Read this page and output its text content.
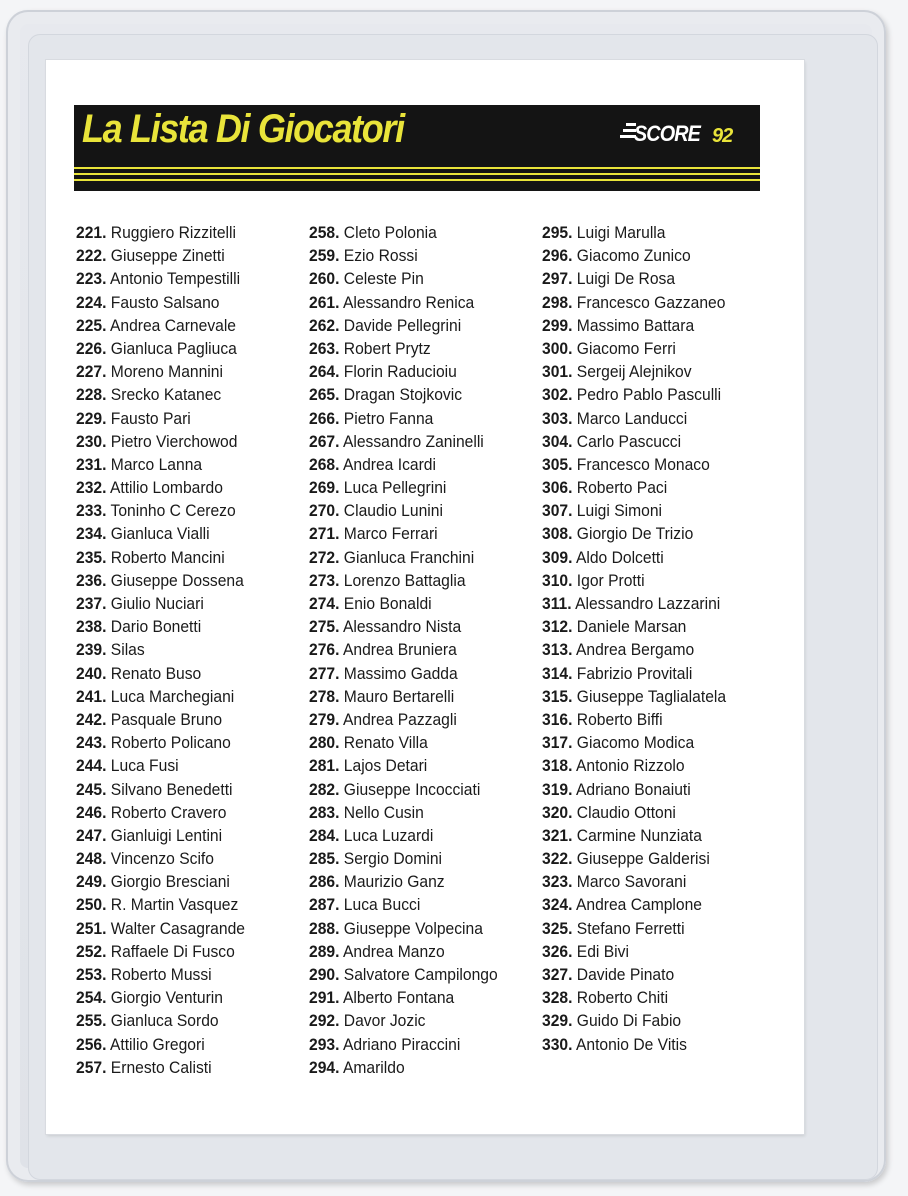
La Lista Di Giocatori	SCORE 92
221. Ruggiero Rizzitelli
222. Giuseppe Zinetti
223. Antonio Tempestilli
224. Fausto Salsano
225. Andrea Carnevale
226. Gianluca Pagliuca
227. Moreno Mannini
228. Srecko Katanec
229. Fausto Pari
230. Pietro Vierchowod
231. Marco Lanna
232. Attilio Lombardo
233. Toninho C Cerezo
234. Gianluca Vialli
235. Roberto Mancini
236. Giuseppe Dossena
237. Giulio Nuciari
238. Dario Bonetti
239. Silas
240. Renato Buso
241. Luca Marchegiani
242. Pasquale Bruno
243. Roberto Policano
244. Luca Fusi
245. Silvano Benedetti
246. Roberto Cravero
247. Gianluigi Lentini
248. Vincenzo Scifo
249. Giorgio Bresciani
250. R. Martin Vasquez
251. Walter Casagrande
252. Raffaele Di Fusco
253. Roberto Mussi
254. Giorgio Venturin
255. Gianluca Sordo
256. Attilio Gregori
257. Ernesto Calisti
258. Cleto Polonia
259. Ezio Rossi
260. Celeste Pin
261. Alessandro Renica
262. Davide Pellegrini
263. Robert Prytz
264. Florin Raducioiu
265. Dragan Stojkovic
266. Pietro Fanna
267. Alessandro Zaninelli
268. Andrea Icardi
269. Luca Pellegrini
270. Claudio Lunini
271. Marco Ferrari
272. Gianluca Franchini
273. Lorenzo Battaglia
274. Enio Bonaldi
275. Alessandro Nista
276. Andrea Bruniera
277. Massimo Gadda
278. Mauro Bertarelli
279. Andrea Pazzagli
280. Renato Villa
281. Lajos Detari
282. Giuseppe Incocciati
283. Nello Cusin
284. Luca Luzardi
285. Sergio Domini
286. Maurizio Ganz
287. Luca Bucci
288. Giuseppe Volpecina
289. Andrea Manzo
290. Salvatore Campilongo
291. Alberto Fontana
292. Davor Jozic
293. Adriano Piraccini
294. Amarildo
295. Luigi Marulla
296. Giacomo Zunico
297. Luigi De Rosa
298. Francesco Gazzaneo
299. Massimo Battara
300. Giacomo Ferri
301. Sergeij Alejnikov
302. Pedro Pablo Pasculli
303. Marco Landucci
304. Carlo Pascucci
305. Francesco Monaco
306. Roberto Paci
307. Luigi Simoni
308. Giorgio De Trizio
309. Aldo Dolcetti
310. Igor Protti
311. Alessandro Lazzarini
312. Daniele Marsan
313. Andrea Bergamo
314. Fabrizio Provitali
315. Giuseppe Taglialatela
316. Roberto Biffi
317. Giacomo Modica
318. Antonio Rizzolo
319. Adriano Bonaiuti
320. Claudio Ottoni
321. Carmine Nunziata
322. Giuseppe Galderisi
323. Marco Savorani
324. Andrea Camplone
325. Stefano Ferretti
326. Edi Bivi
327. Davide Pinato
328. Roberto Chiti
329. Guido Di Fabio
330. Antonio De Vitis
